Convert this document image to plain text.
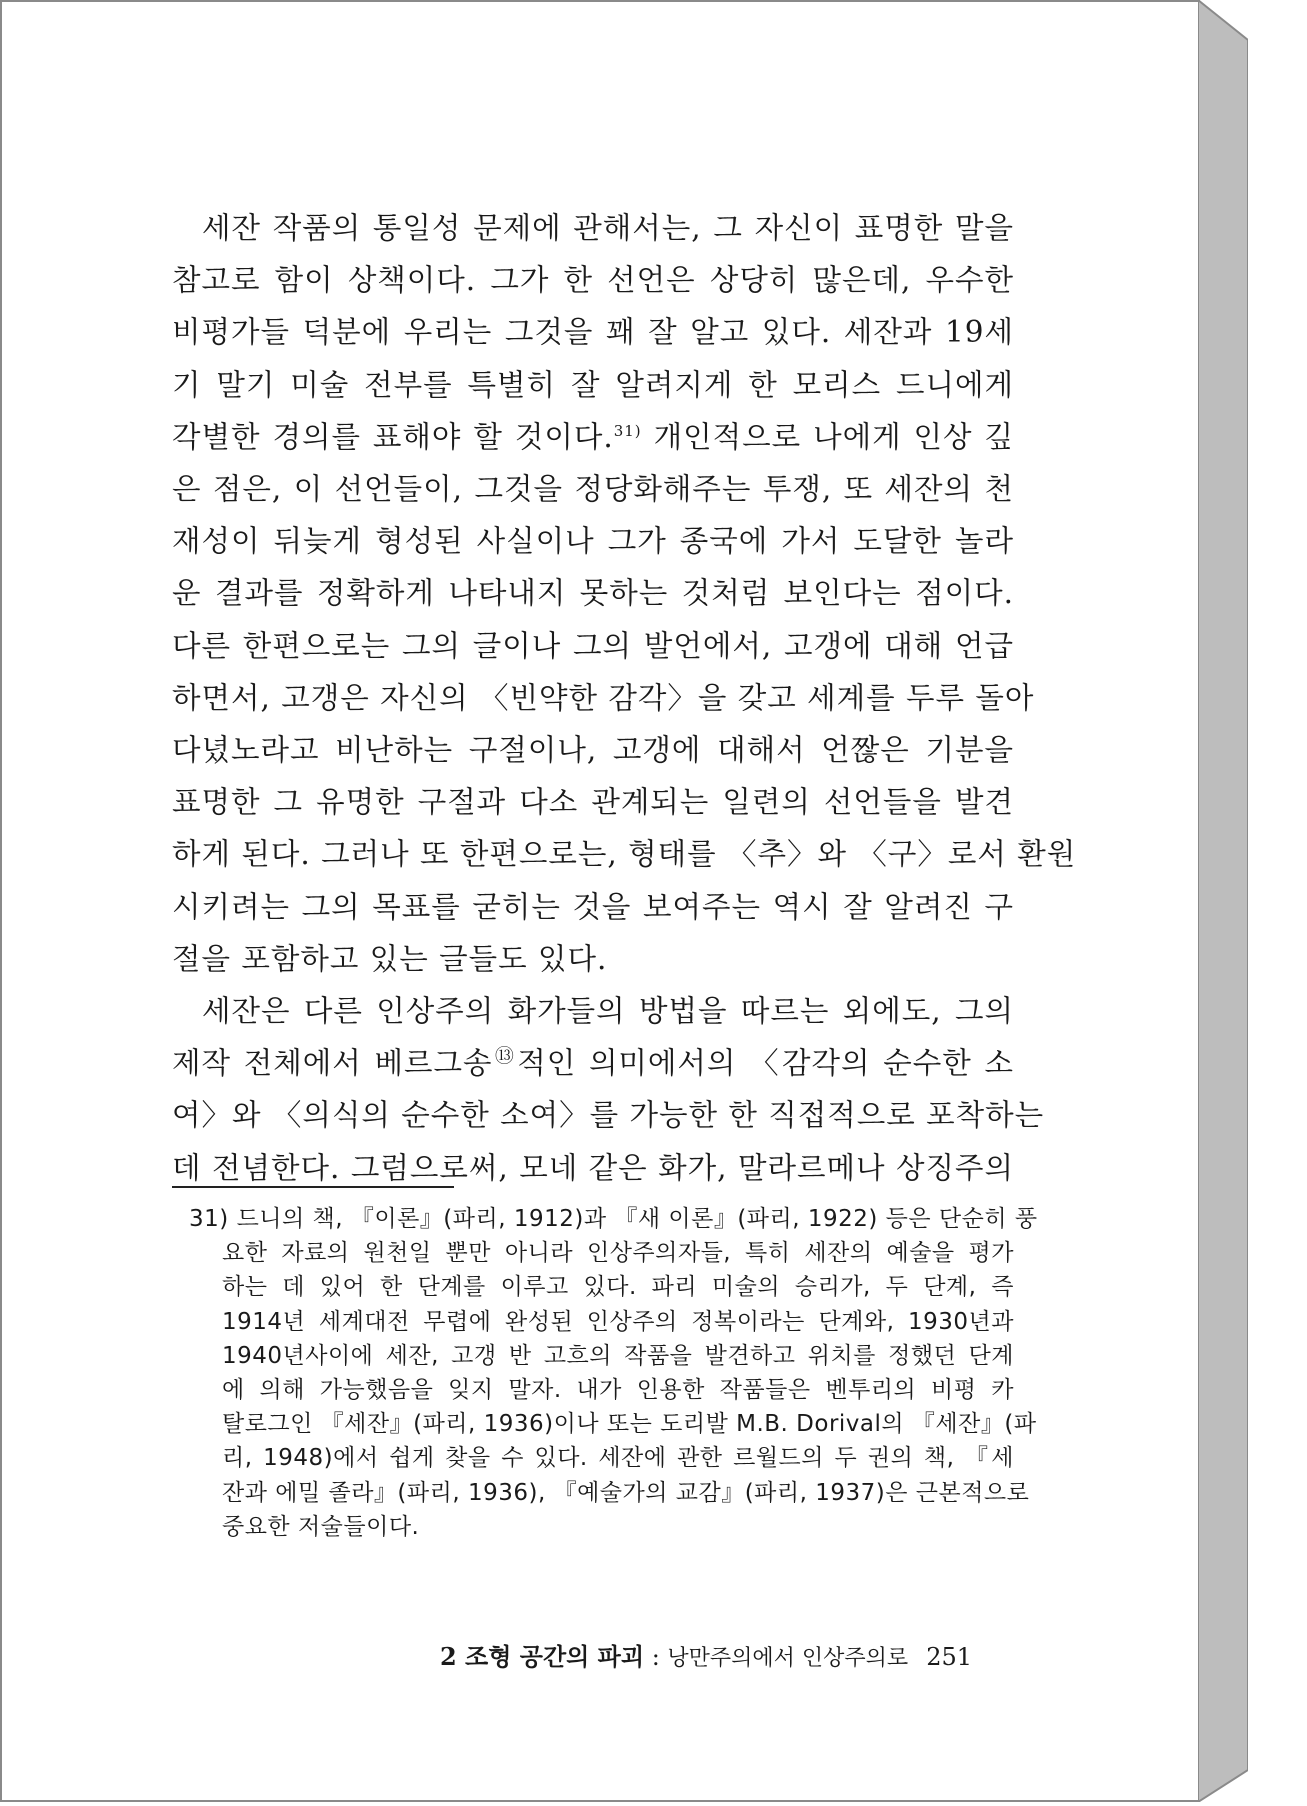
세잔 작품의 통일성 문제에 관해서는, 그 자신이 표명한 말을
참고로 함이 상책이다. 그가 한 선언은 상당히 많은데, 우수한
비평가들 덕분에 우리는 그것을 꽤 잘 알고 있다. 세잔과 19세
기 말기 미술 전부를 특별히 잘 알려지게 한 모리스 드니에게
각별한 경의를 표해야 할 것이다.$^{31)}$ 개인적으로 나에게 인상 깊
은 점은, 이 선언들이, 그것을 정당화해주는 투쟁, 또 세잔의 천
재성이 뒤늦게 형성된 사실이나 그가 종국에 가서 도달한 놀라
운 결과를 정확하게 나타내지 못하는 것처럼 보인다는 점이다.
다른 한편으로는 그의 글이나 그의 발언에서, 고갱에 대해 언급
하면서, 고갱은 자신의 〈빈약한 감각〉을 갖고 세계를 두루 돌아
다녔노라고 비난하는 구절이나, 고갱에 대해서 언짢은 기분을
표명한 그 유명한 구절과 다소 관계되는 일련의 선언들을 발견
하게 된다. 그러나 또 한편으로는, 형태를 〈추〉와 〈구〉로서 환원
시키려는 그의 목표를 굳히는 것을 보여주는 역시 잘 알려진 구
절을 포함하고 있는 글들도 있다.
세잔은 다른 인상주의 화가들의 방법을 따르는 외에도, 그의
제작 전체에서 베르그송⑬적인 의미에서의 〈감각의 순수한 소
여〉와 〈의식의 순수한 소여〉를 가능한 한 직접적으로 포착하는
데 전념한다. 그럼으로써, 모네 같은 화가, 말라르메나 상징주의
31) 드니의 책, 『이론』(파리, 1912)과 『새 이론』(파리, 1922) 등은 단순히 풍
요한 자료의 원천일 뿐만 아니라 인상주의자들, 특히 세잔의 예술을 평가
하는 데 있어 한 단계를 이루고 있다. 파리 미술의 승리가, 두 단계, 즉
1914년 세계대전 무렵에 완성된 인상주의 정복이라는 단계와, 1930년과
1940년사이에 세잔, 고갱 반 고흐의 작품을 발견하고 위치를 정했던 단계
에 의해 가능했음을 잊지 말자. 내가 인용한 작품들은 벤투리의 비평 카
탈로그인 『세잔』(파리, 1936)이나 또는 도리발 M.B. Dorival의 『세잔』(파
리, 1948)에서 쉽게 찾을 수 있다. 세잔에 관한 르월드의 두 권의 책, 『세
잔과 에밀 졸라』(파리, 1936), 『예술가의 교감』(파리, 1937)은 근본적으로
중요한 저술들이다.
2 조형 공간의 파괴 : 낭만주의에서 인상주의로 251
